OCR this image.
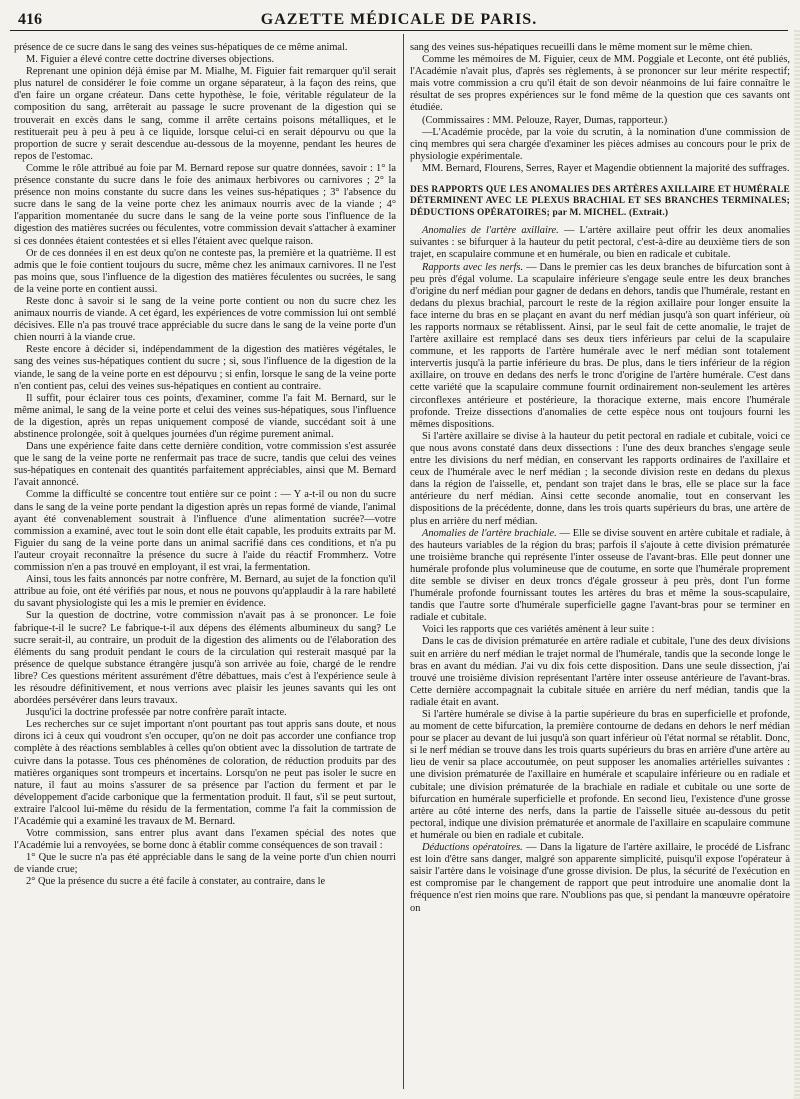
416	GAZETTE MÉDICALE DE PARIS.

présence de ce sucre dans le sang des veines sus-hépatiques de ce même animal.

M. Figuier a élevé contre cette doctrine diverses objections.

Reprenant une opinion déjà émise par M. Mialhe, M. Figuier fait remarquer qu'il serait plus naturel de considérer le foie comme un organe séparateur, à la façon des reins, que d'en faire un organe créateur. Dans cette hypothèse, le foie, véritable régulateur de la composition du sang, arrêterait au passage le sucre provenant de la digestion qui se trouverait en excès dans le sang, comme il arrête certains poisons métalliques, et le restituerait peu à peu à peu à ce liquide, lorsque celui-ci en serait dépourvu ou que la proportion de sucre y serait descendue au-dessous de la moyenne, pendant les heures de repos de l'estomac.

Comme le rôle attribué au foie par M. Bernard repose sur quatre données, savoir : 1° la présence constante du sucre dans le foie des animaux herbivores ou carnivores ; 2° la présence non moins constante du sucre dans les veines sus-hépatiques ; 3° l'absence du sucre dans le sang de la veine porte chez les animaux nourris avec de la viande ; 4° l'apparition momentanée du sucre dans le sang de la veine porte sous l'influence de la digestion des matières sucrées ou féculentes, votre commission devait s'attacher à examiner si ces données étaient contestées et si elles l'étaient avec quelque raison.

Or de ces données il en est deux qu'on ne conteste pas, la première et la quatrième. Il est admis que le foie contient toujours du sucre, même chez les animaux carnivores. Il ne l'est pas moins que, sous l'influence de la digestion des matières féculentes ou sucrées, le sang de la veine porte en contient aussi.

Reste donc à savoir si le sang de la veine porte contient ou non du sucre chez les animaux nourris de viande. A cet égard, les expériences de votre commission lui ont semblé décisives. Elle n'a pas trouvé trace appréciable du sucre dans le sang de la veine porte d'un chien nourri à la viande crue.

Reste encore à décider si, indépendamment de la digestion des matières végétales, le sang des veines sus-hépatiques contient du sucre ; si, sous l'influence de la digestion de la viande, le sang de la veine porte en est dépourvu ; si enfin, lorsque le sang de la veine porte n'en contient pas, celui des veines sus-hépatiques en contient au contraire.

Il suffit, pour éclairer tous ces points, d'examiner, comme l'a fait M. Bernard, sur le même animal, le sang de la veine porte et celui des veines sus-hépatiques, sous l'influence de la digestion, après un repas uniquement composé de viande, succédant soit à une abstinence prolongée, soit à quelques journées d'un régime purement animal.

Dans une expérience faite dans cette dernière condition, votre commission s'est assurée que le sang de la veine porte ne renfermait pas trace de sucre, tandis que celui des veines sus-hépatiques en contenait des quantités parfaitement appréciables, ainsi que M. Bernard l'avait annoncé.

Comme la difficulté se concentre tout entière sur ce point : — Y a-t-il ou non du sucre dans le sang de la veine porte pendant la digestion après un repas formé de viande, l'animal ayant été convenablement soustrait à l'influence d'une alimentation sucrée?—votre commission a examiné, avec tout le soin dont elle était capable, les produits extraits par M. Figuier du sang de la veine porte dans un animal sacrifié dans ces conditions, et n'a pu l'auteur croyait reconnaître la présence du sucre à l'aide du réactif Frommherz. Votre commission n'en a pas trouvé en employant, il est vrai, la fermentation.

Ainsi, tous les faits annoncés par notre confrère, M. Bernard, au sujet de la fonction qu'il attribue au foie, ont été vérifiés par nous, et nous ne pouvons qu'applaudir à la rare habileté du savant physiologiste qui les a mis le premier en évidence.

Sur la question de doctrine, votre commission n'avait pas à se prononcer. Le foie fabrique-t-il le sucre? Le fabrique-t-il aux dépens des éléments albumineux du sang? Le sucre serait-il, au contraire, un produit de la digestion des aliments ou de l'élaboration des éléments du sang produit pendant le cours de la circulation qui resterait masqué par la présence de quelque substance étrangère jusqu'à son arrivée au foie, chargé de le rendre libre? Ces questions méritent assurément d'être débattues, mais c'est à l'expérience seule à les résoudre définitivement, et nous verrions avec plaisir les jeunes savants qui les ont abordées persévérer dans leurs travaux.

Jusqu'ici la doctrine professée par notre confrère paraît intacte.

Les recherches sur ce sujet important n'ont pourtant pas tout appris sans doute, et nous dirons ici à ceux qui voudront s'en occuper, qu'on ne doit pas accorder une confiance trop complète à des réactions semblables à celles qu'on obtient avec la dissolution de tartrate de cuivre dans la potasse. Tous ces phénomènes de coloration, de réduction produits par des matières organiques sont trompeurs et incertains. Lorsqu'on ne peut pas isoler le sucre en nature, il faut au moins s'assurer de sa présence par l'action du ferment et par le développement d'acide carbonique que la fermentation produit. Il faut, s'il se peut surtout, extraire l'alcool lui-même du résidu de la fermentation, comme l'a fait la commission de l'Académie qui a examiné les travaux de M. Bernard.

Votre commission, sans entrer plus avant dans l'examen spécial des notes que l'Académie lui a renvoyées, se borne donc à établir comme conséquences de son travail :

1° Que le sucre n'a pas été appréciable dans le sang de la veine porte d'un chien nourri de viande crue;

2° Que la présence du sucre a été facile à constater, au contraire, dans le

sang des veines sus-hépatiques recueilli dans le même moment sur le même chien.

Comme les mémoires de M. Figuier, ceux de MM. Poggiale et Leconte, ont été publiés, l'Académie n'avait plus, d'après ses règlements, à se prononcer sur leur mérite respectif; mais votre commission a cru qu'il était de son devoir néanmoins de lui faire connaître le résultat de ses propres expériences sur le fond même de la question que ces savants ont étudiée.

(Commissaires : MM. Pelouze, Rayer, Dumas, rapporteur.)

—L'Académie procède, par la voie du scrutin, à la nomination d'une commission de cinq membres qui sera chargée d'examiner les pièces admises au concours pour le prix de physiologie expérimentale.

MM. Bernard, Flourens, Serres, Rayer et Magendie obtiennent la majorité des suffrages.

DES RAPPORTS QUE LES ANOMALIES DES ARTÈRES AXILLAIRE ET HUMÉRALE DÉTERMINENT AVEC LE PLEXUS BRACHIAL ET SES BRANCHES TERMINALES; DÉDUCTIONS OPÉRATOIRES; par M. MICHEL. (Extrait.)

Anomalies de l'artère axillaire. — L'artère axillaire peut offrir les deux anomalies suivantes : se bifurquer à la hauteur du petit pectoral, c'est-à-dire au deuxième tiers de son trajet, en scapulaire commune et en humérale, ou bien en radicale et cubitale.

Rapports avec les nerfs. — Dans le premier cas les deux branches de bifurcation sont à peu près d'égal volume. La scapulaire inférieure s'engage seule entre les deux branches d'origine du nerf médian pour gagner de dedans en dehors, tandis que l'humérale, restant en dedans du plexus brachial, parcourt le reste de la région axillaire pour longer ensuite la face interne du bras en se plaçant en avant du nerf médian jusqu'à son quart inférieur, où les rapports normaux se rétablissent. Ainsi, par le seul fait de cette anomalie, le trajet de l'artère axillaire est remplacé dans ses deux tiers inférieurs par celui de la scapulaire commune, et les rapports de l'artère humérale avec le nerf médian sont totalement intervertis jusqu'à la partie inférieure du bras. De plus, dans le tiers inférieur de la région axillaire, on trouve en dedans des nerfs le tronc d'origine de l'artère humérale. C'est dans cette variété que la scapulaire commune fournit ordinairement non-seulement les artères circonflexes antérieure et postérieure, la thoracique externe, mais encore l'humérale profonde. Treize dissections d'anomalies de cette espèce nous ont toujours fourni les mêmes dispositions.

Si l'artère axillaire se divise à la hauteur du petit pectoral en radiale et cubitale, voici ce que nous avons constaté dans deux dissections : l'une des deux branches s'engage seule entre les divisions du nerf médian, en conservant les rapports ordinaires de l'axillaire et ceux de l'humérale avec le nerf médian ; la seconde division reste en dedans du plexus dans la région de l'aisselle, et, pendant son trajet dans le bras, elle se place sur la face antérieure du nerf médian. Ainsi cette seconde anomalie, tout en conservant les dispositions de la précédente, donne, dans les trois quarts supérieurs du bras, une artère de plus en arrière du nerf médian.

Anomalies de l'artère brachiale. — Elle se divise souvent en artère cubitale et radiale, à des hauteurs variables de la région du bras; parfois il s'ajoute à cette division prématurée une troisième branche qui représente l'inter osseuse de l'avant-bras. Elle peut donner une humérale profonde plus volumineuse que de coutume, en sorte que l'humérale proprement dite semble se diviser en deux troncs d'égale grosseur à peu près, dont l'un forme l'humérale profonde fournissant toutes les artères du bras et même la sous-scapulaire, tandis que l'autre sorte d'humérale superficielle gagne l'avant-bras pour se terminer en radiale et cubitale.

Voici les rapports que ces variétés amènent à leur suite :

Dans le cas de division prématurée en artère radiale et cubitale, l'une des deux divisions suit en arrière du nerf médian le trajet normal de l'humérale, tandis que la seconde longe le bras en avant du médian. J'ai vu dix fois cette disposition. Dans une seule dissection, j'ai trouvé une troisième division représentant l'artère inter osseuse antérieure de l'avant-bras. Cette dernière accompagnait la cubitale située en arrière du nerf médian, tandis que la radiale était en avant.

Si l'artère humérale se divise à la partie supérieure du bras en superficielle et profonde, au moment de cette bifurcation, la première contourne de dedans en dehors le nerf médian pour se placer au devant de lui jusqu'à son quart inférieur où l'état normal se rétablit. Donc, si le nerf médian se trouve dans les trois quarts supérieurs du bras en arrière d'une artère au lieu de venir sa place accoutumée, on peut supposer les anomalies artérielles suivantes : une division prématurée de l'axillaire en humérale et scapulaire inférieure ou en radiale et cubitale; une division prématurée de la brachiale en radiale et cubitale ou une sorte de bifurcation en humérale superficielle et profonde. En second lieu, l'existence d'une grosse artère au côté interne des nerfs, dans la partie de l'aisselle située au-dessous du petit pectoral, indique une division prématurée et anormale de l'axillaire en scapulaire commune et humérale ou bien en radiale et cubitale.

Déductions opératoires. — Dans la ligature de l'artère axillaire, le procédé de Lisfranc est loin d'être sans danger, malgré son apparente simplicité, puisqu'il expose l'opérateur à saisir l'artère dans le voisinage d'une grosse division. De plus, la sécurité de l'exécution en est compromise par le changement de rapport que peut introduire une anomalie dont la fréquence n'est rien moins que rare. N'oublions pas que, si pendant la manœuvre opératoire on
